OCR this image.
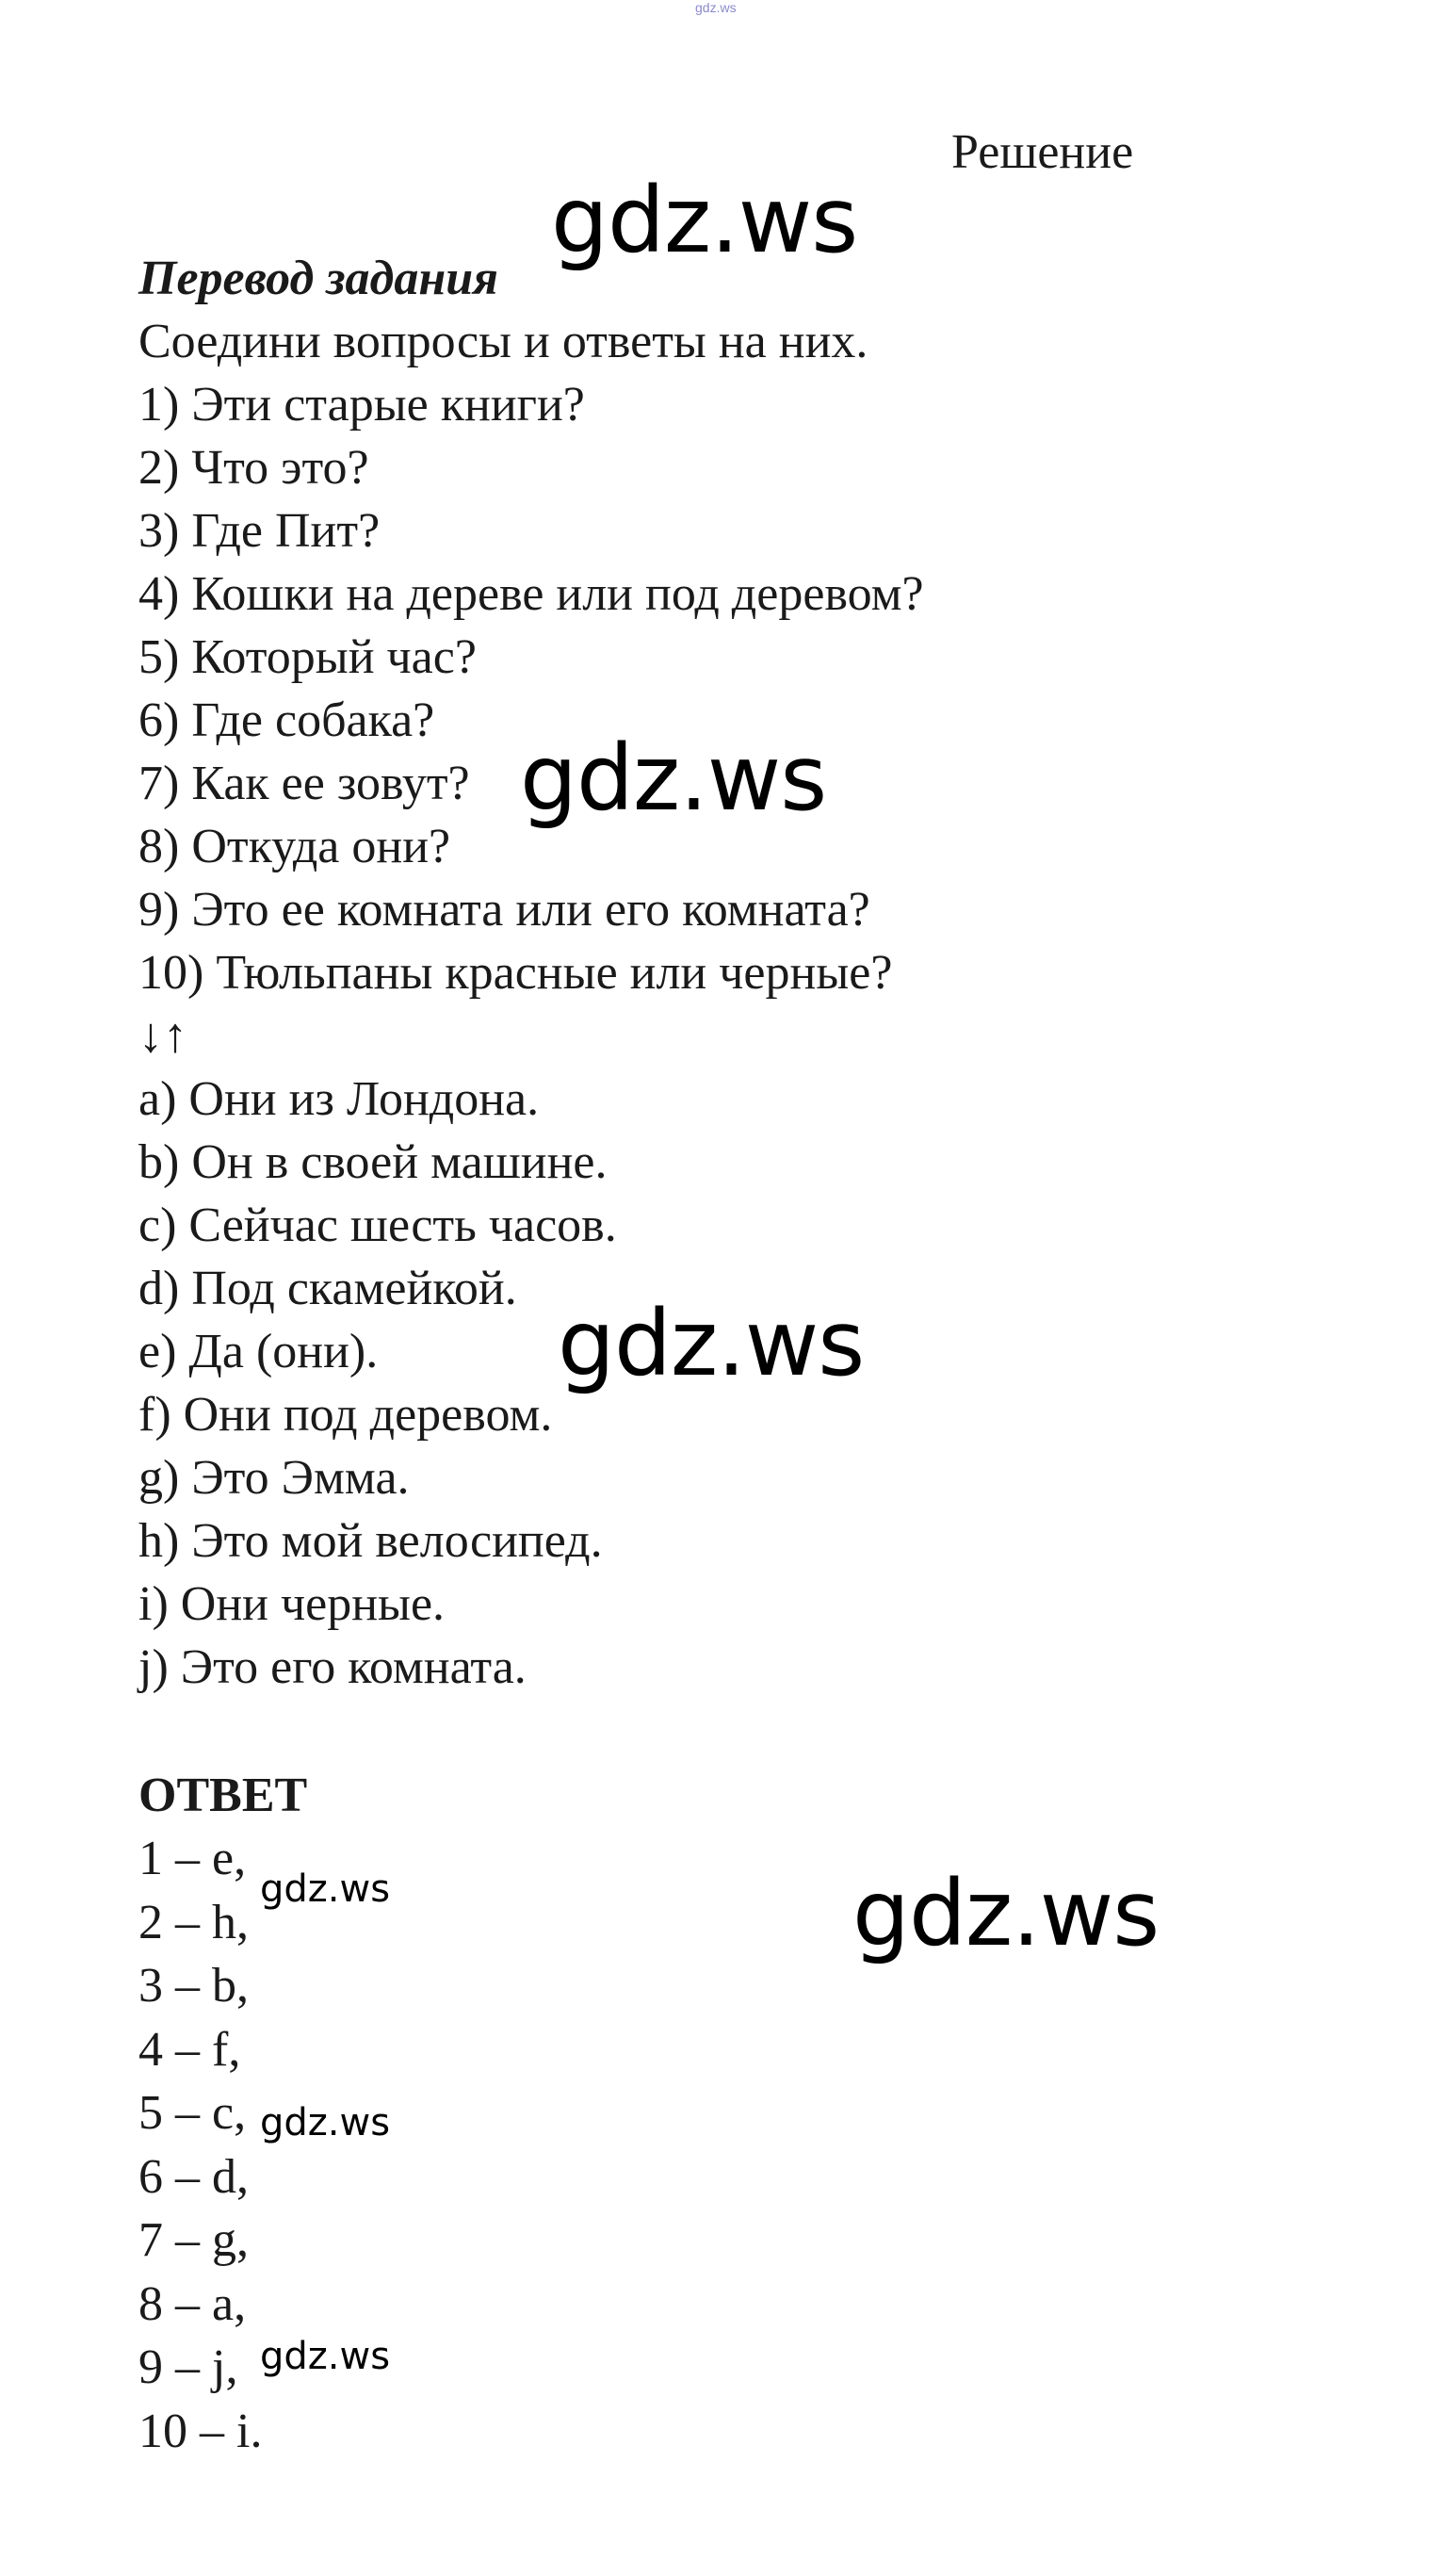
gdz.ws
Решение
Перевод задания
Соедини вопросы и ответы на них.
1) Эти старые книги?
2) Что это?
3) Где Пит?
4) Кошки на дереве или под деревом?
5) Который час?
6) Где собака?
7) Как ее зовут?
8) Откуда они?
9) Это ее комната или его комната?
10) Тюльпаны красные или черные?
↓↑
a) Они из Лондона.
b) Он в своей машине.
c) Сейчас шесть часов.
d) Под скамейкой.
e) Да (они).
f) Они под деревом.
g) Это Эмма.
h) Это мой велосипед.
i) Они черные.
j) Это его комната.
ОТВЕТ
1 – e,
2 – h,
3 – b,
4 – f,
5 – c,
6 – d,
7 – g,
8 – a,
9 – j,
10 – i.
gdz.ws
gdz.ws
gdz.ws
gdz.ws
gdz.ws
gdz.ws
gdz.ws
